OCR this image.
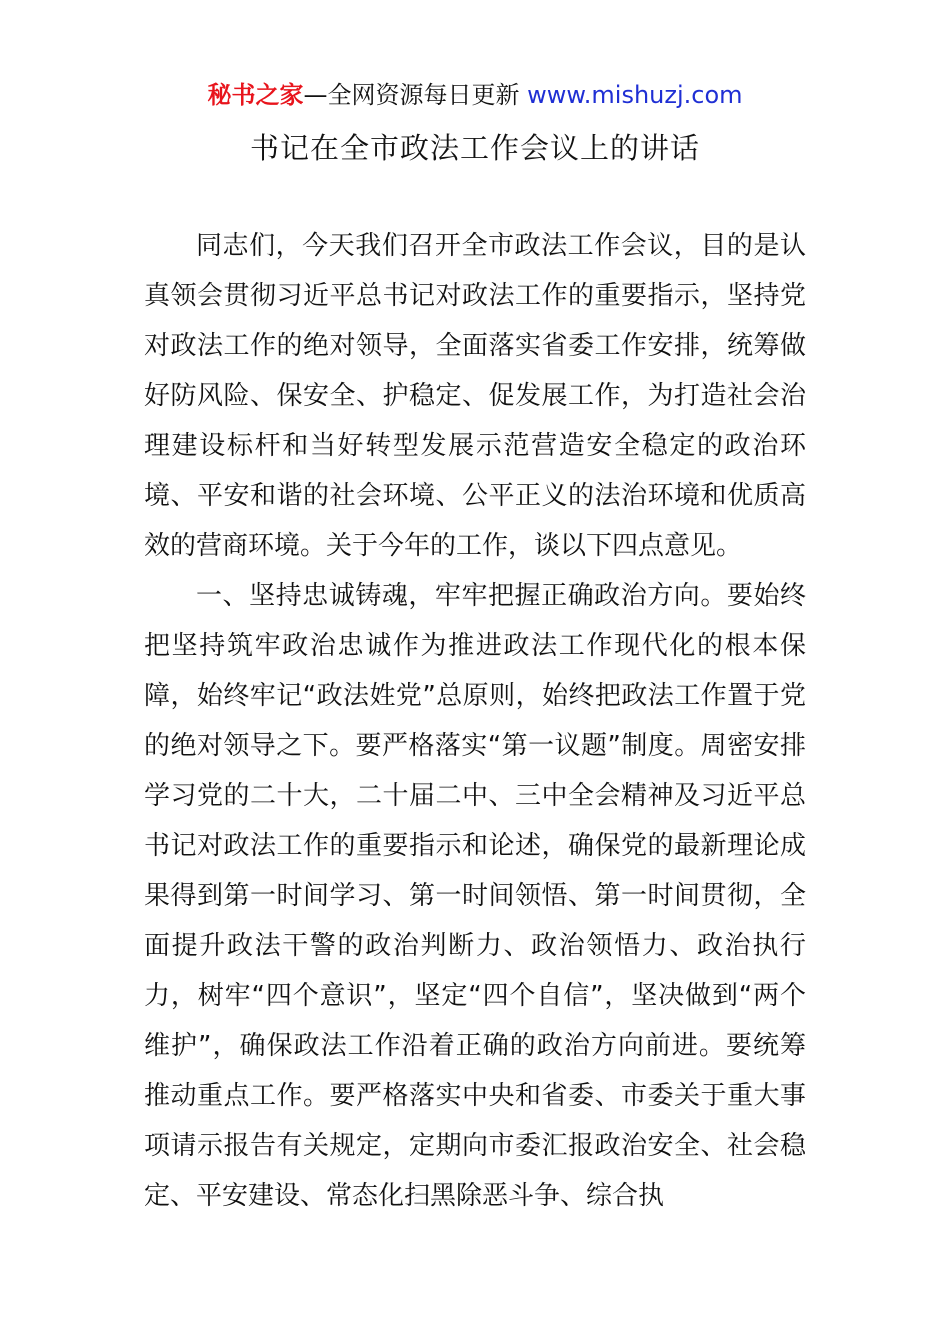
秘书之家—全网资源每日更新 www.mishuzj.com
书记在全市政法工作会议上的讲话

同志们，今天我们召开全市政法工作会议，目的是认真领会贯彻习近平总书记对政法工作的重要指示，坚持党对政法工作的绝对领导，全面落实省委工作安排，统筹做好防风险、保安全、护稳定、促发展工作，为打造社会治理建设标杆和当好转型发展示范营造安全稳定的政治环境、平安和谐的社会环境、公平正义的法治环境和优质高效的营商环境。关于今年的工作，谈以下四点意见。

一、坚持忠诚铸魂，牢牢把握正确政治方向。要始终把坚持筑牢政治忠诚作为推进政法工作现代化的根本保障，始终牢记“政法姓党”总原则，始终把政法工作置于党的绝对领导之下。要严格落实“第一议题”制度。周密安排学习党的二十大，二十届二中、三中全会精神及习近平总书记对政法工作的重要指示和论述，确保党的最新理论成果得到第一时间学习、第一时间领悟、第一时间贯彻，全面提升政法干警的政治判断力、政治领悟力、政治执行力，树牢“四个意识”，坚定“四个自信”，坚决做到“两个维护”，确保政法工作沿着正确的政治方向前进。要统筹推动重点工作。要严格落实中央和省委、市委关于重大事项请示报告有关规定，定期向市委汇报政治安全、社会稳定、平安建设、常态化扫黑除恶斗争、综合执
